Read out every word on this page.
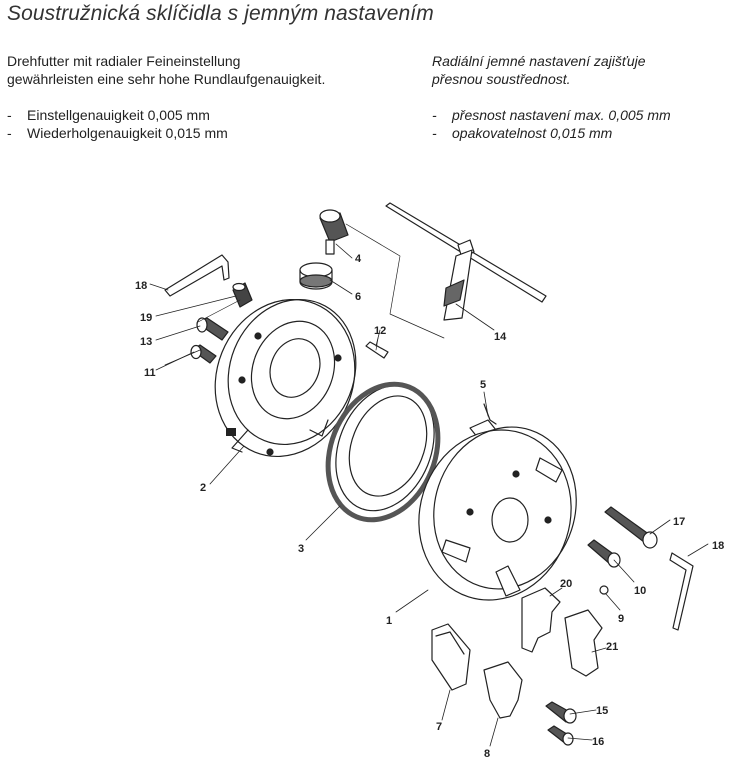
Soustružnická sklíčidla s jemným nastavením

Drehfutter mit radialer Feineinstellung
gewährleisten eine sehr hohe Rundlaufgenauigkeit.

- Einstellgenauigkeit 0,005 mm
- Wiederholgenauigkeit 0,015 mm

Radiální jemné nastavení zajišťuje
přesnou soustřednost.

- přesnost nastavení max. 0,005 mm
- opakovatelnost 0,015 mm
18
19
13
11
4
6
12	14
5
2
3
17
10
18
9
1
20
21
7
8
15
16
